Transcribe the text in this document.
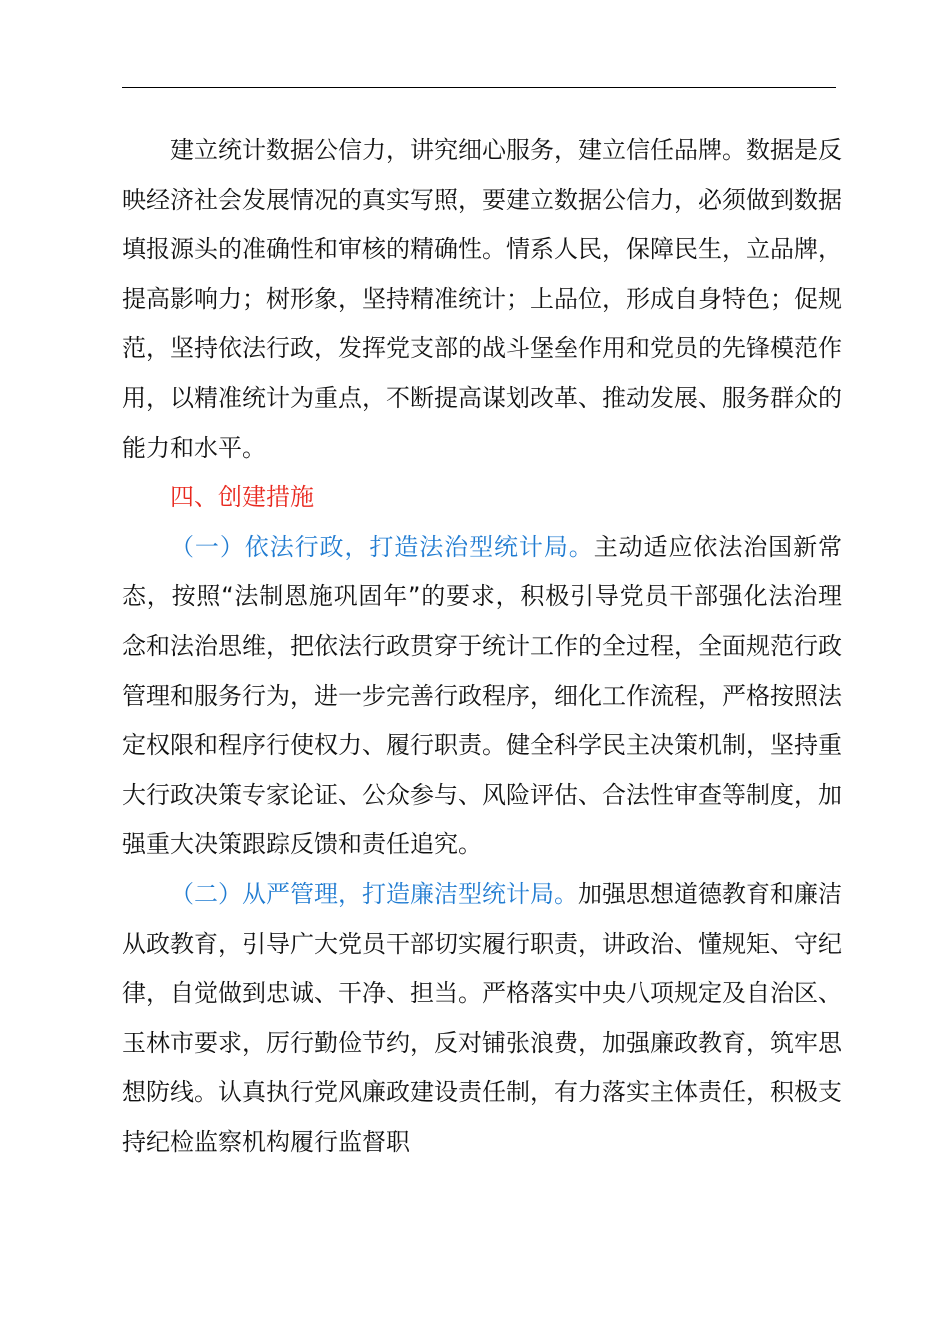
建立统计数据公信力，讲究细心服务，建立信任品牌。数据是反映经济社会发展情况的真实写照，要建立数据公信力，必须做到数据填报源头的准确性和审核的精确性。情系人民，保障民生，立品牌，提高影响力；树形象，坚持精准统计；上品位，形成自身特色；促规范，坚持依法行政，发挥党支部的战斗堡垒作用和党员的先锋模范作用，以精准统计为重点，不断提高谋划改革、推动发展、服务群众的能力和水平。

四、创建措施

（一）依法行政，打造法治型统计局。主动适应依法治国新常态，按照“法制恩施巩固年”的要求，积极引导党员干部强化法治理念和法治思维，把依法行政贯穿于统计工作的全过程，全面规范行政管理和服务行为，进一步完善行政程序，细化工作流程，严格按照法定权限和程序行使权力、履行职责。健全科学民主决策机制，坚持重大行政决策专家论证、公众参与、风险评估、合法性审查等制度，加强重大决策跟踪反馈和责任追究。

（二）从严管理，打造廉洁型统计局。加强思想道德教育和廉洁从政教育，引导广大党员干部切实履行职责，讲政治、懂规矩、守纪律，自觉做到忠诚、干净、担当。严格落实中央八项规定及自治区、玉林市要求，厉行勤俭节约，反对铺张浪费，加强廉政教育，筑牢思想防线。认真执行党风廉政建设责任制，有力落实主体责任，积极支持纪检监察机构履行监督职
